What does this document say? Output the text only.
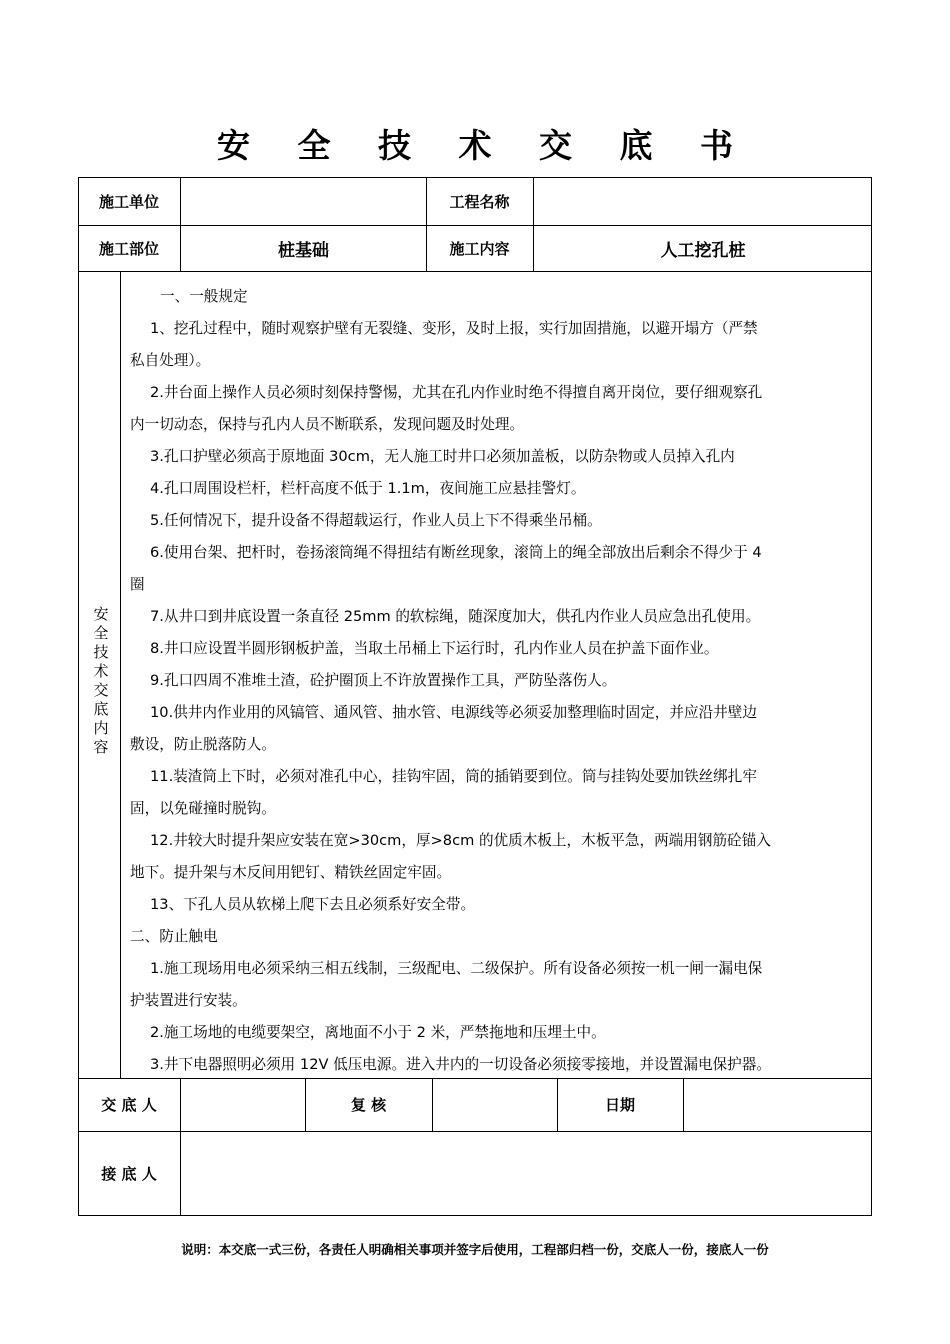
安 全 技 术 交 底 书
施工单位	工程名称
施工部位	桩基础	施工内容	人工挖孔桩
安全技术交底内容
一、一般规定
1、挖孔过程中，随时观察护壁有无裂缝、变形，及时上报，实行加固措施，以避开塌方（严禁
私自处理）。
2.井台面上操作人员必须时刻保持警惕，尤其在孔内作业时绝不得擅自离开岗位，要仔细观察孔
内一切动态，保持与孔内人员不断联系，发现问题及时处理。
3.孔口护壁必须高于原地面 30cm，无人施工时井口必须加盖板，以防杂物或人员掉入孔内
4.孔口周围设栏杆，栏杆高度不低于 1.1m，夜间施工应悬挂警灯。
5.任何情况下，提升设备不得超载运行，作业人员上下不得乘坐吊桶。
6.使用台架、把杆时，卷扬滚筒绳不得扭结有断丝现象，滚筒上的绳全部放出后剩余不得少于 4
圈
7.从井口到井底设置一条直径 25mm 的软棕绳，随深度加大，供孔内作业人员应急出孔使用。
8.井口应设置半圆形钢板护盖，当取土吊桶上下运行时，孔内作业人员在护盖下面作业。
9.孔口四周不准堆土渣，砼护圈顶上不许放置操作工具，严防坠落伤人。
10.供井内作业用的风镐管、通风管、抽水管、电源线等必须妥加整理临时固定，并应沿井壁边
敷设，防止脱落防人。
11.装渣筒上下时，必须对准孔中心，挂钩牢固，筒的插销要到位。筒与挂钩处要加铁丝绑扎牢
固，以免碰撞时脱钩。
12.井较大时提升架应安装在宽>30cm，厚>8cm 的优质木板上，木板平急，两端用钢筋砼锚入
地下。提升架与木反间用钯钉、精铁丝固定牢固。
13、下孔人员从软梯上爬下去且必须系好安全带。
二、防止触电
1.施工现场用电必须采纳三相五线制，三级配电、二级保护。所有设备必须按一机一闸一漏电保
护装置进行安装。
2.施工场地的电缆要架空，离地面不小于 2 米，严禁拖地和压埋土中。
3.井下电器照明必须用 12V 低压电源。进入井内的一切设备必须接零接地，并设置漏电保护器。
交 底 人	复 核	日期
接 底 人
说明：本交底一式三份，各责任人明确相关事项并签字后使用，工程部归档一份，交底人一份，接底人一份
